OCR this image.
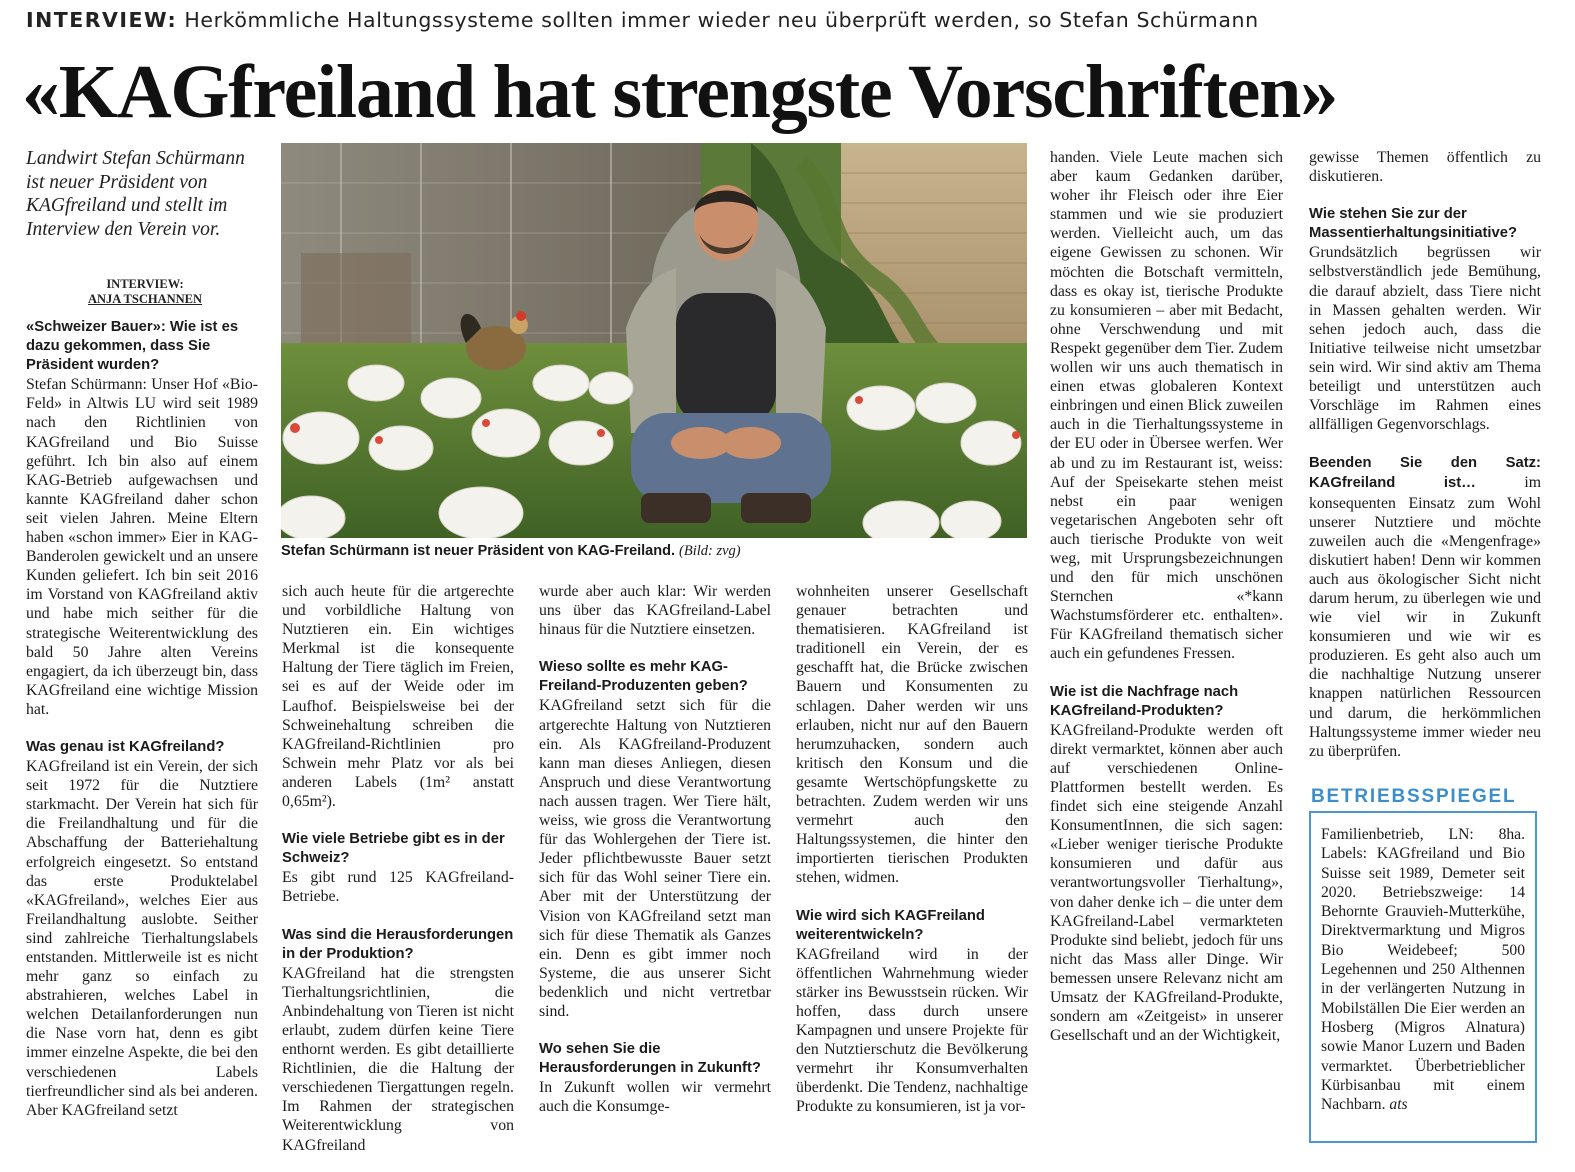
INTERVIEW: Herkömmliche Haltungssysteme sollten immer wieder neu überprüft werden, so Stefan Schürmann
«KAGfreiland hat strengste Vorschriften»
Landwirt Stefan Schürmann ist neuer Präsident von KAGfreiland und stellt im Interview den Verein vor.
INTERVIEW:
ANJA TSCHANNEN
Stefan Schürmann ist neuer Präsident von KAG-Freiland. (Bild: zvg)
«Schweizer Bauer»: Wie ist es dazu gekommen, dass Sie Präsident wurden?

Stefan Schürmann: Unser Hof «Bio-Feld» in Altwis LU wird seit 1989 nach den Richtlinien von KAGfreiland und Bio Suisse geführt. Ich bin also auf einem KAG-Betrieb aufgewachsen und kannte KAGfreiland daher schon seit vielen Jahren. Meine Eltern haben «schon immer» Eier in KAG-Banderolen gewickelt und an unsere Kunden geliefert. Ich bin seit 2016 im Vorstand von KAGfreiland aktiv und habe mich seither für die strategische Weiterentwicklung des bald 50 Jahre alten Vereins engagiert, da ich überzeugt bin, dass KAGfreiland eine wichtige Mission hat.

Was genau ist KAGfreiland?

KAGfreiland ist ein Verein, der sich seit 1972 für die Nutztiere starkmacht. Der Verein hat sich für die Freilandhaltung und für die Abschaffung der Batteriehaltung erfolgreich eingesetzt. So entstand das erste Produktelabel «KAGfreiland», welches Eier aus Freilandhaltung auslobte. Seither sind zahlreiche Tierhaltungslabels entstanden. Mittlerweile ist es nicht mehr ganz so einfach zu abstrahieren, welches Label in welchen Detailanforderungen nun die Nase vorn hat, denn es gibt immer einzelne Aspekte, die bei den verschiedenen Labels tierfreundlicher sind als bei anderen. Aber KAGfreiland setzt

sich auch heute für die artgerechte und vorbildliche Haltung von Nutztieren ein. Ein wichtiges Merkmal ist die konsequente Haltung der Tiere täglich im Freien, sei es auf der Weide oder im Laufhof. Beispielsweise bei der Schweinehaltung schreiben die KAGfreiland-Richtlinien pro Schwein mehr Platz vor als bei anderen Labels (1m² anstatt 0,65m²).

Wie viele Betriebe gibt es in der Schweiz?

Es gibt rund 125 KAGfreiland-Betriebe.

Was sind die Herausforderungen in der Produktion?

KAGfreiland hat die strengsten Tierhaltungsrichtlinien, die Anbindehaltung von Tieren ist nicht erlaubt, zudem dürfen keine Tiere enthornt werden. Es gibt detaillierte Richtlinien, die die Haltung der verschiedenen Tiergattungen regeln. Im Rahmen der strategischen Weiterentwicklung von KAGfreiland

wurde aber auch klar: Wir werden uns über das KAGfreiland-Label hinaus für die Nutztiere einsetzen.

Wieso sollte es mehr KAG-Freiland-Produzenten geben?

KAGfreiland setzt sich für die artgerechte Haltung von Nutztieren ein. Als KAGfreiland-Produzent kann man dieses Anliegen, diesen Anspruch und diese Verantwortung nach aussen tragen. Wer Tiere hält, weiss, wie gross die Verantwortung für das Wohlergehen der Tiere ist. Jeder pflichtbewusste Bauer setzt sich für das Wohl seiner Tiere ein. Aber mit der Unterstützung der Vision von KAGfreiland setzt man sich für diese Thematik als Ganzes ein. Denn es gibt immer noch Systeme, die aus unserer Sicht bedenklich und nicht vertretbar sind.

Wo sehen Sie die Herausforderungen in Zukunft?

In Zukunft wollen wir vermehrt auch die Konsumge-

wohnheiten unserer Gesellschaft genauer betrachten und thematisieren. KAGfreiland ist traditionell ein Verein, der es geschafft hat, die Brücke zwischen Bauern und Konsumenten zu schlagen. Daher werden wir uns erlauben, nicht nur auf den Bauern herumzuhacken, sondern auch kritisch den Konsum und die gesamte Wertschöpfungskette zu betrachten. Zudem werden wir uns vermehrt auch den Haltungssystemen, die hinter den importierten tierischen Produkten stehen, widmen.

Wie wird sich KAGFreiland weiterentwickeln?

KAGfreiland wird in der öffentlichen Wahrnehmung wieder stärker ins Bewusstsein rücken. Wir hoffen, dass durch unsere Kampagnen und unsere Projekte für den Nutztierschutz die Bevölkerung vermehrt ihr Konsumverhalten überdenkt. Die Tendenz, nachhaltige Produkte zu konsumieren, ist ja vor-

handen. Viele Leute machen sich aber kaum Gedanken darüber, woher ihr Fleisch oder ihre Eier stammen und wie sie produziert werden. Vielleicht auch, um das eigene Gewissen zu schonen. Wir möchten die Botschaft vermitteln, dass es okay ist, tierische Produkte zu konsumieren – aber mit Bedacht, ohne Verschwendung und mit Respekt gegenüber dem Tier. Zudem wollen wir uns auch thematisch in einen etwas globaleren Kontext einbringen und einen Blick zuweilen auch in die Tierhaltungssysteme in der EU oder in Übersee werfen. Wer ab und zu im Restaurant ist, weiss: Auf der Speisekarte stehen meist nebst ein paar wenigen vegetarischen Angeboten sehr oft auch tierische Produkte von weit weg, mit Ursprungsbezeichnungen und den für mich unschönen Sternchen «*kann Wachstumsförderer etc. enthalten». Für KAGfreiland thematisch sicher auch ein gefundenes Fressen.

Wie ist die Nachfrage nach KAGfreiland-Produkten?

KAGfreiland-Produkte werden oft direkt vermarktet, können aber auch auf verschiedenen Online-Plattformen bestellt werden. Es findet sich eine steigende Anzahl KonsumentInnen, die sich sagen: «Lieber weniger tierische Produkte konsumieren und dafür aus verantwortungsvoller Tierhaltung», von daher denke ich – die unter dem KAGfreiland-Label vermarkteten Produkte sind beliebt, jedoch für uns nicht das Mass aller Dinge. Wir bemessen unsere Relevanz nicht am Umsatz der KAGfreiland-Produkte, sondern am «Zeitgeist» in unserer Gesellschaft und an der Wichtigkeit,

gewisse Themen öffentlich zu diskutieren.

Wie stehen Sie zur der Massentierhaltungsinitiative?

Grundsätzlich begrüssen wir selbstverständlich jede Bemühung, die darauf abzielt, dass Tiere nicht in Massen gehalten werden. Wir sehen jedoch auch, dass die Initiative teilweise nicht umsetzbar sein wird. Wir sind aktiv am Thema beteiligt und unterstützen auch Vorschläge im Rahmen eines allfälligen Gegenvorschlags.

Beenden Sie den Satz: KAGfreiland ist…	im konsequenten Einsatz zum Wohl unserer Nutztiere und möchte zuweilen auch die «Mengenfrage» diskutiert haben! Denn wir kommen auch aus ökologischer Sicht nicht darum herum, zu überlegen wie und wie viel wir in Zukunft konsumieren und wie wir es produzieren. Es geht also auch um die nachhaltige Nutzung unserer knappen natürlichen Ressourcen und darum, die herkömmlichen Haltungssysteme immer wieder neu zu überprüfen.

BETRIEBSSPIEGEL

Familienbetrieb, LN: 8ha. Labels: KAGfreiland und Bio Suisse seit 1989, Demeter seit 2020. Betriebszweige: 14 Behornte Grauvieh-Mutterkühe, Direktvermarktung und Migros Bio Weidebeef; 500 Legehennen und 250 Althennen in der verlängerten Nutzung in Mobilställen Die Eier werden an Hosberg (Migros Alnatura) sowie Manor Luzern und Baden vermarktet. Überbetrieblicher Kürbisanbau mit einem Nachbarn. ats
